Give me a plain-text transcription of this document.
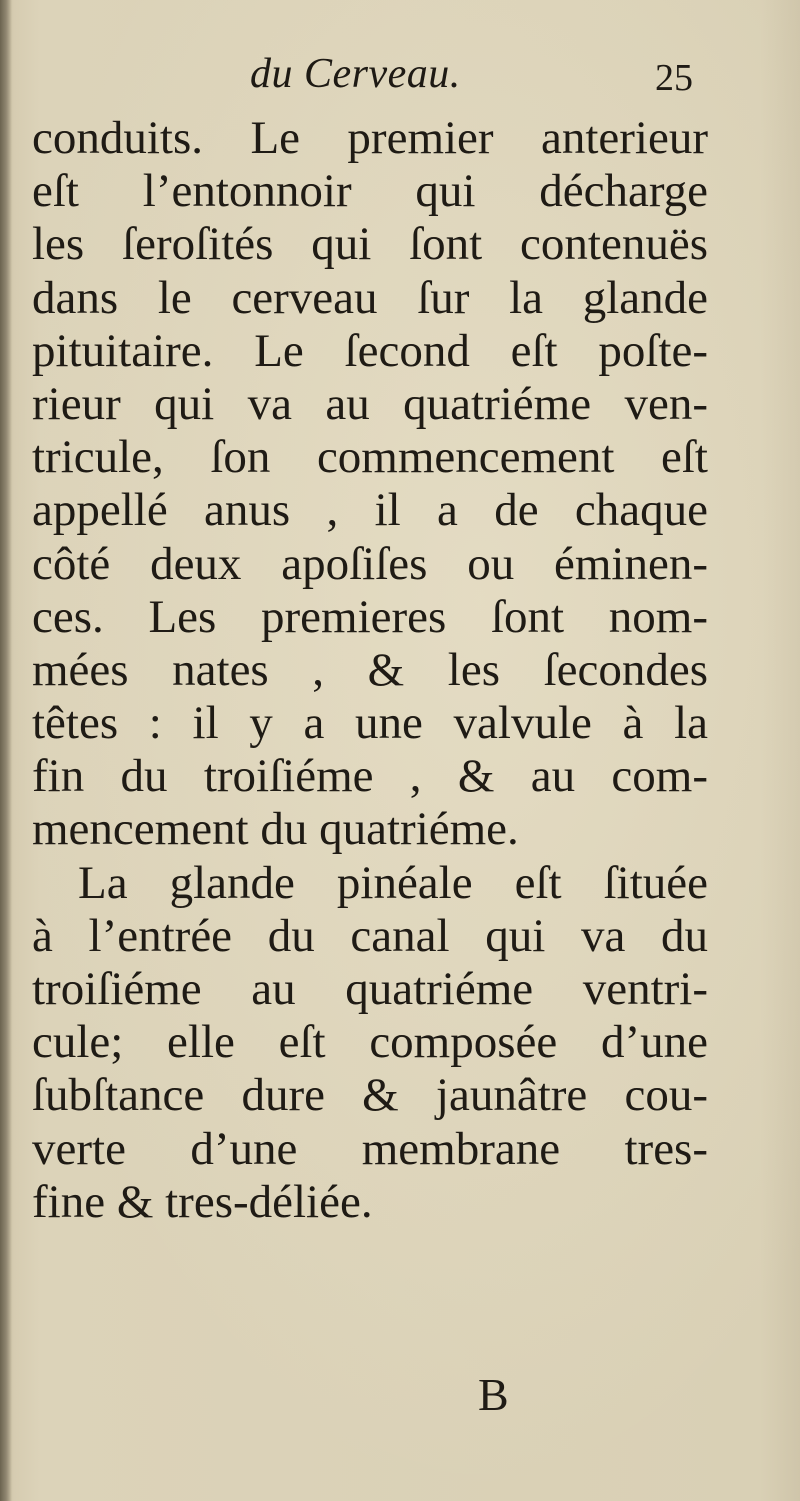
du Cerveau.	25
conduits. Le premier anterieur
eſt l’entonnoir qui décharge
les ſeroſités qui ſont contenuës
dans le cerveau ſur la glande
pituitaire. Le ſecond eſt poſte-
rieur qui va au quatriéme ven-
tricule, ſon commencement eſt
appellé anus , il a de chaque
côté deux apoſiſes ou éminen-
ces. Les premieres ſont nom-
mées nates , & les ſecondes
têtes : il y a une valvule à la
fin du troiſiéme , & au com-
mencement du quatriéme.
La glande pinéale eſt ſituée
à l’entrée du canal qui va du
troiſiéme au quatriéme ventri-
cule; elle eſt composée d’une
ſubſtance dure & jaunâtre cou-
verte d’une membrane tres-
fine & tres-déliée.
B
